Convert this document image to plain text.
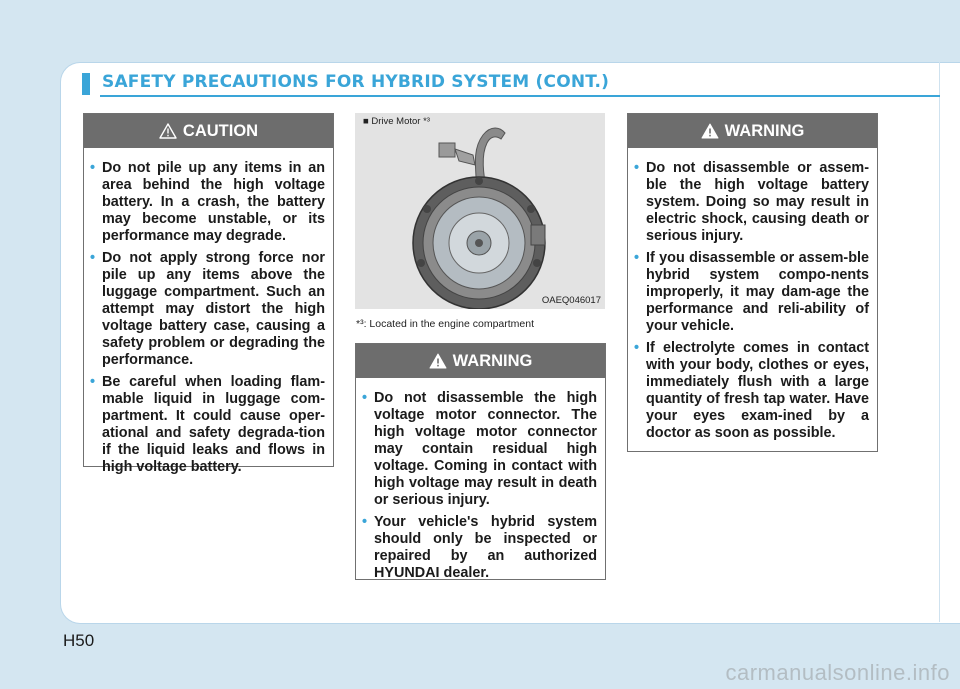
SAFETY PRECAUTIONS FOR HYBRID SYSTEM (CONT.)
CAUTION
• Do not pile up any items in an area behind the high voltage battery. In a crash, the battery may become unstable, or its performance may degrade.
• Do not apply strong force nor pile up any items above the luggage compartment. Such an attempt may distort the high voltage battery case, causing a safety problem or degrading the performance.
• Be careful when loading flam-mable liquid in luggage com-partment. It could cause oper-ational and safety degrada-tion if the liquid leaks and flows in high voltage battery.
■ Drive Motor *³
OAEQ046017
*³: Located in the engine compartment
WARNING
• Do not disassemble the high voltage motor connector. The high voltage motor connector may contain residual high voltage. Coming in contact with high voltage may result in death or serious injury.
• Your vehicle's hybrid system should only be inspected or repaired by an authorized HYUNDAI dealer.
WARNING
• Do not disassemble or assem-ble the high voltage battery system. Doing so may result in electric shock, causing death or serious injury.
• If you disassemble or assem-ble hybrid system compo-nents improperly, it may dam-age the performance and reli-ability of your vehicle.
• If electrolyte comes in contact with your body, clothes or eyes, immediately flush with a large quantity of fresh tap water. Have your eyes exam-ined by a doctor as soon as possible.
H50
carmanualsonline.info
